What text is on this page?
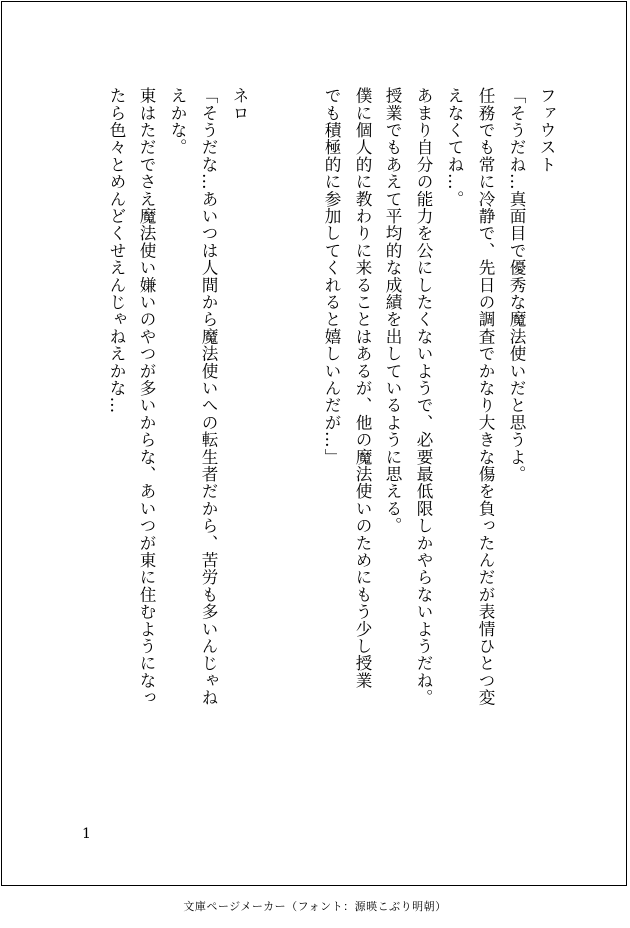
ファウスト
「そうだね…真面目で優秀な魔法使いだと思うよ。
任務でも常に冷静で、先日の調査でかなり大きな傷を負ったんだが表情ひとつ変
えなくてね…。
あまり自分の能力を公にしたくないようで、必要最低限しかやらないようだね。
授業でもあえて平均的な成績を出しているように思える。
僕に個人的に教わりに来ることはあるが、他の魔法使いのためにもう少し授業
でも積極的に参加してくれると嬉しいんだが…」
ネロ
「そうだな…あいつは人間から魔法使いへの転生者だから、苦労も多いんじゃね
えかな。
東はただでさえ魔法使い嫌いのやつが多いからな、あいつが東に住むようになっ
たら色々とめんどくせえんじゃねえかな…
1
文庫ページメーカー（フォント：源暎こぶり明朝）
